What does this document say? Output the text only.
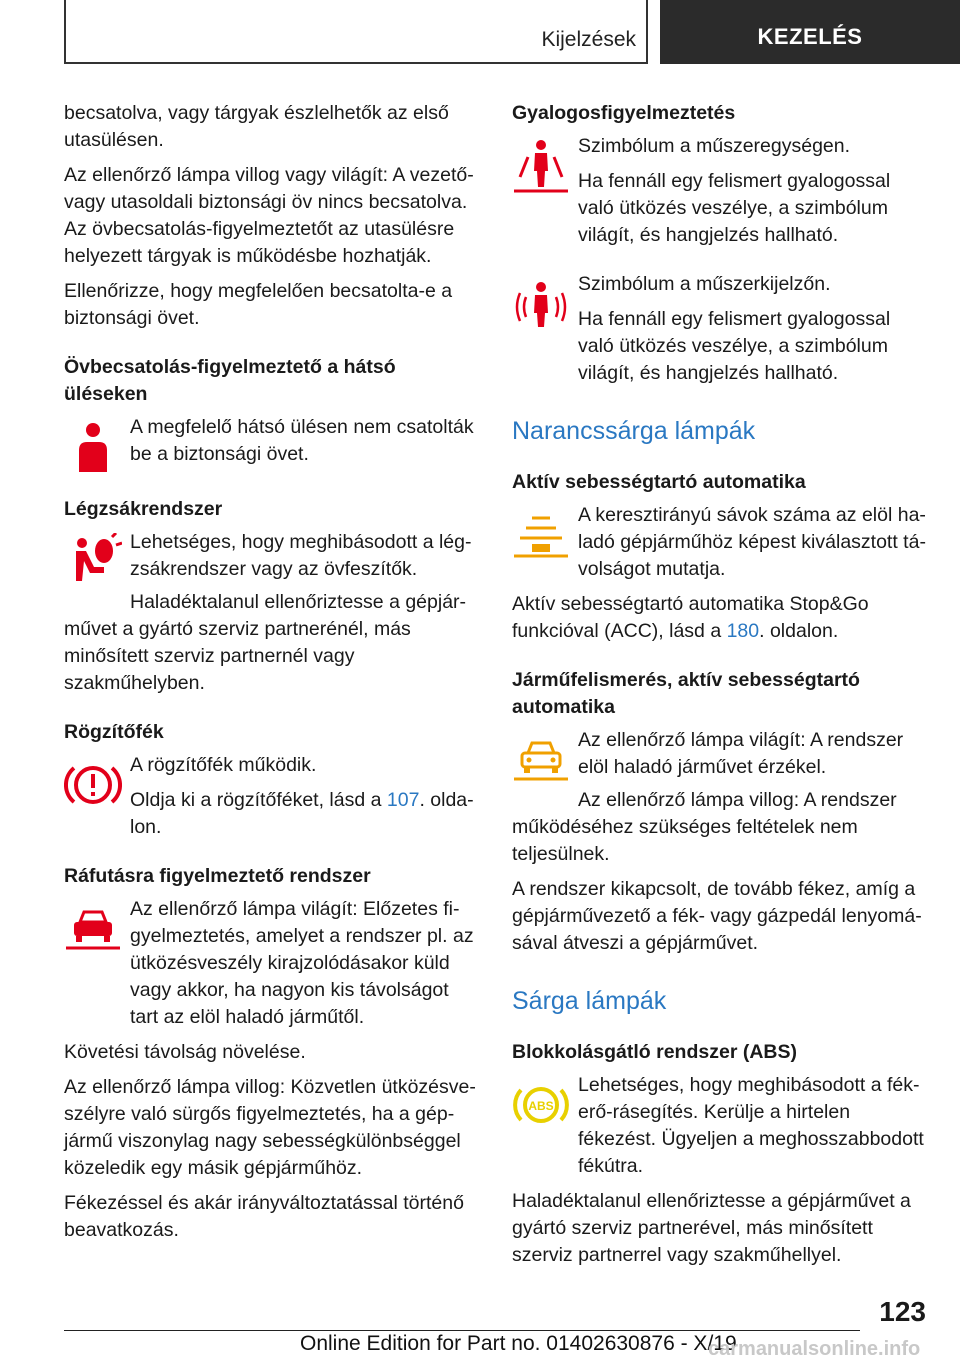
Kijelzések	KEZELÉS

becsatolva, vagy tárgyak észlelhetők az első utasülésen.

Az ellenőrző lámpa villog vagy világít: A vezető- vagy utasoldali biztonsági öv nincs becsatolva. Az övbecsatolás-figyelmeztetőt az utasülésre helyezett tárgyak is működésbe hozhatják.

Ellenőrizze, hogy megfelelően becsatolta-e a biztonsági övet.

Övbecsatolás-figyelmeztető a hátsó üléseken

A megfelelő hátsó ülésen nem csatolták be a biztonsági övet.

Légzsákrendszer

Lehetséges, hogy meghibásodott a légzsákrendszer vagy az övfeszítők.

Haladéktalanul ellenőriztesse a gépjárművet a gyártó szerviz partnerénél, más minősített szerviz partnernél vagy szakműhelyben.

Rögzítőfék

A rögzítőfék működik.

Oldja ki a rögzítőféket, lásd a 107. oldalon.

Ráfutásra figyelmeztető rendszer

Az ellenőrző lámpa világít: Előzetes figyelmeztetés, amelyet a rendszer pl. az ütközésveszély kirajzolódásakor küld vagy akkor, ha nagyon kis távolságot tart az elöl haladó járműtől.

Követési távolság növelése.

Az ellenőrző lámpa villog: Közvetlen ütközésveszélyre való sürgős figyelmeztetés, ha a gépjármű viszonylag nagy sebességkülönbséggel közeledik egy másik gépjárműhöz.

Fékezéssel és akár irányváltoztatással történő beavatkozás.

Gyalogosfigyelmeztetés

Szimbólum a műszeregységen.

Ha fennáll egy felismert gyalogossal való ütközés veszélye, a szimbólum világít, és hangjelzés hallható.

Szimbólum a műszerkijelzőn.

Ha fennáll egy felismert gyalogossal való ütközés veszélye, a szimbólum világít, és hangjelzés hallható.

Narancssárga lámpák
Aktív sebességtartó automatika

A keresztirányú sávok száma az elöl haladó gépjárműhöz képest kiválasztott távolságot mutatja.

Aktív sebességtartó automatika Stop&Go funkcióval (ACC), lásd a 180. oldalon.

Járműfelismerés, aktív sebességtartó automatika

Az ellenőrző lámpa világít: A rendszer elöl haladó járművet érzékel.

Az ellenőrző lámpa villog: A rendszer működéséhez szükséges feltételek nem teljesülnek.

A rendszer kikapcsolt, de tovább fékez, amíg a gépjárművezető a fék- vagy gázpedál lenyomásával átveszi a gépjárművet.

Sárga lámpák
Blokkolásgátló rendszer (ABS)
ABS

Lehetséges, hogy meghibásodott a fékerő-rásegítés. Kerülje a hirtelen fékezést. Ügyeljen a meghosszabbodott fékútra.

Haladéktalanul ellenőriztesse a gépjárművet a gyártó szerviz partnerével, más minősített szerviz partnerrel vagy szakműhellyel.

123
Online Edition for Part no. 01402630876 - X/19
carmanualsonline.info
